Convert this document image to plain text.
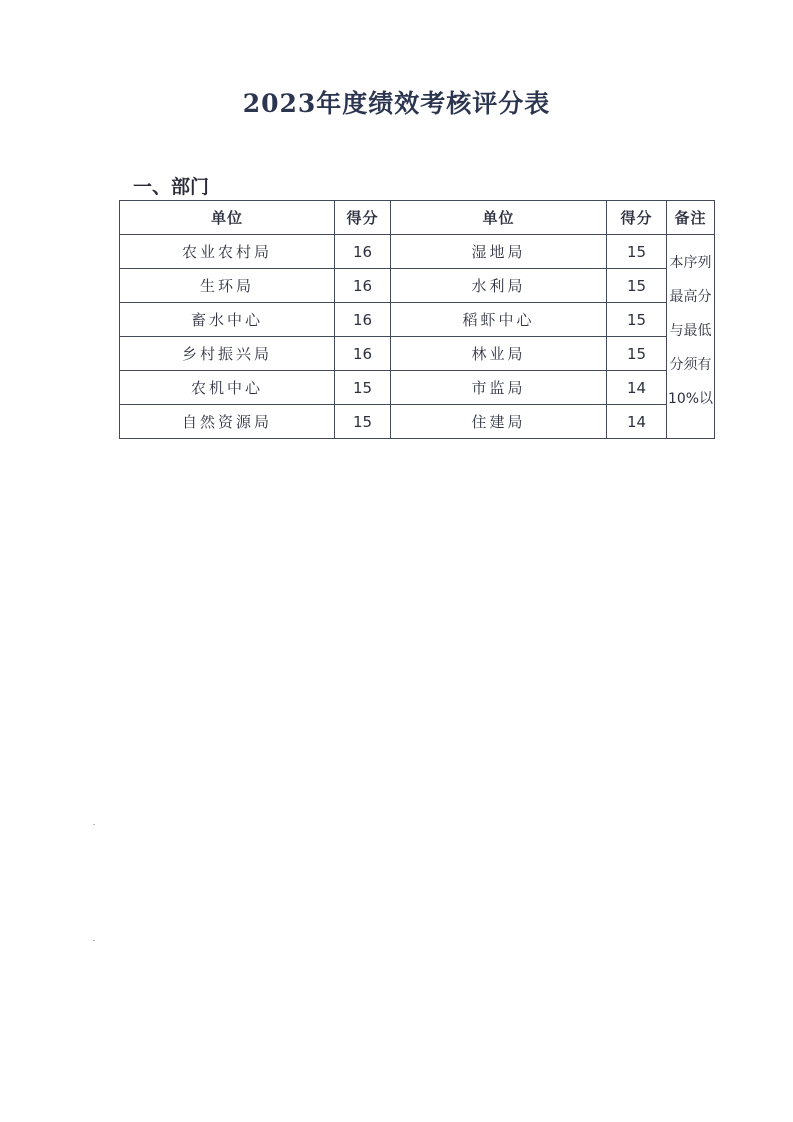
2023年度绩效考核评分表
一、部门
单位	得分	单位	得分	备注
农业农村局	16	湿地局	15	本序列
最高分
与最低
分须有
10%以

生环局	16	水利局	15	
畜水中心	16	稻虾中心	15	
乡村振兴局	16	林业局	15	
农机中心	15	市监局	14	
自然资源局	15	住建局	14	
